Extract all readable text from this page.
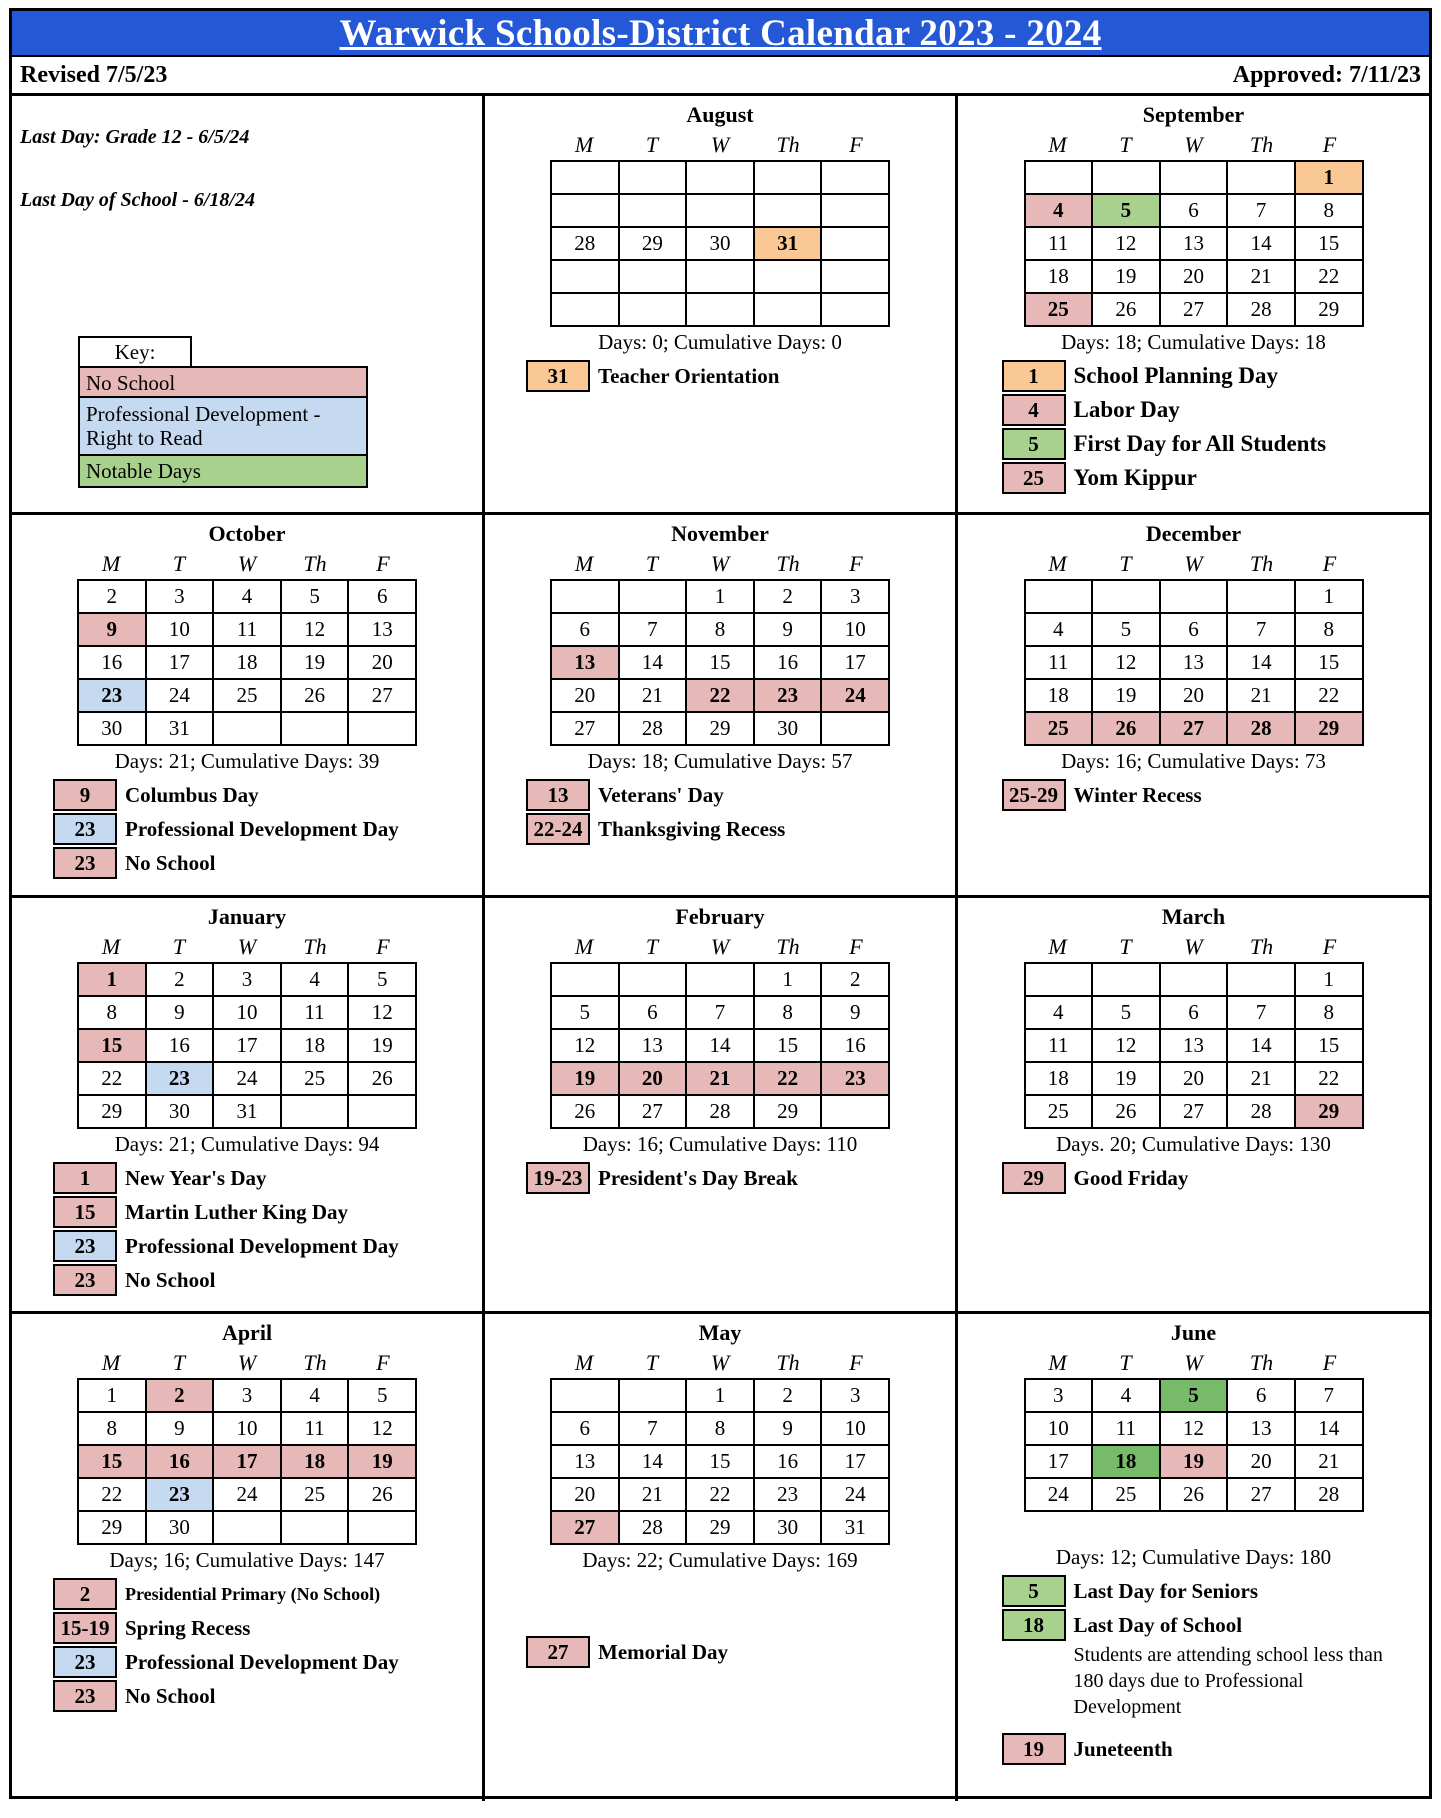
Warwick Schools-District Calendar 2023 - 2024
Revised 7/5/23	Approved: 7/11/23
Last Day: Grade 12 - 6/5/24
Last Day of School - 6/18/24
Key:
No School
Professional Development - Right to Read
Notable Days
August
M	T	W	Th	F

28	29	30	31	

Days: 0; Cumulative Days: 0
31	Teacher Orientation
September
M	T	W	Th	F
				1
4	5	6	7	8
11	12	13	14	15
18	19	20	21	22
25	26	27	28	29
Days: 18; Cumulative Days: 18
1	School Planning Day
4	Labor Day
5	First Day for All Students
25	Yom Kippur
October
M	T	W	Th	F
2	3	4	5	6
9	10	11	12	13
16	17	18	19	20
23	24	25	26	27
30	31			
Days: 21; Cumulative Days: 39
9	Columbus Day
23	Professional Development Day
23	No School
November
M	T	W	Th	F
		1	2	3
6	7	8	9	10
13	14	15	16	17
20	21	22	23	24
27	28	29	30	
Days: 18; Cumulative Days: 57
13	Veterans' Day
22-24 Thanksgiving Recess
December
M	T	W	Th	F
				1
4	5	6	7	8
11	12	13	14	15
18	19	20	21	22
25	26	27	28	29
Days: 16; Cumulative Days: 73
25-29 Winter Recess
January
M	T	W	Th	F
1	2	3	4	5
8	9	10	11	12
15	16	17	18	19
22	23	24	25	26
29	30	31		
Days: 21; Cumulative Days: 94
1	New Year's Day
15	Martin Luther King Day
23	Professional Development Day
23	No School
February
M	T	W	Th	F
			1	2
5	6	7	8	9
12	13	14	15	16
19	20	21	22	23
26	27	28	29	
Days: 16; Cumulative Days: 110
19-23 President's Day Break
March
M	T	W	Th	F
				1
4	5	6	7	8
11	12	13	14	15
18	19	20	21	22
25	26	27	28	29
Days. 20; Cumulative Days: 130
29	Good Friday
April
M	T	W	Th	F
1	2	3	4	5
8	9	10	11	12
15	16	17	18	19
22	23	24	25	26
29	30			
Days; 16; Cumulative Days: 147
2	Presidential Primary (No School)
15-19 Spring Recess
23	Professional Development Day
23	No School
May
M	T	W	Th	F
		1	2	3
6	7	8	9	10
13	14	15	16	17
20	21	22	23	24
27	28	29	30	31
Days: 22; Cumulative Days: 169
27	Memorial Day
June
M	T	W	Th	F
3	4	5	6	7
10	11	12	13	14
17	18	19	20	21
24	25	26	27	28
Days: 12; Cumulative Days: 180
5	Last Day for Seniors
18	Last Day of School
Students are attending school less than 180 days due to Professional Development
19	Juneteenth
